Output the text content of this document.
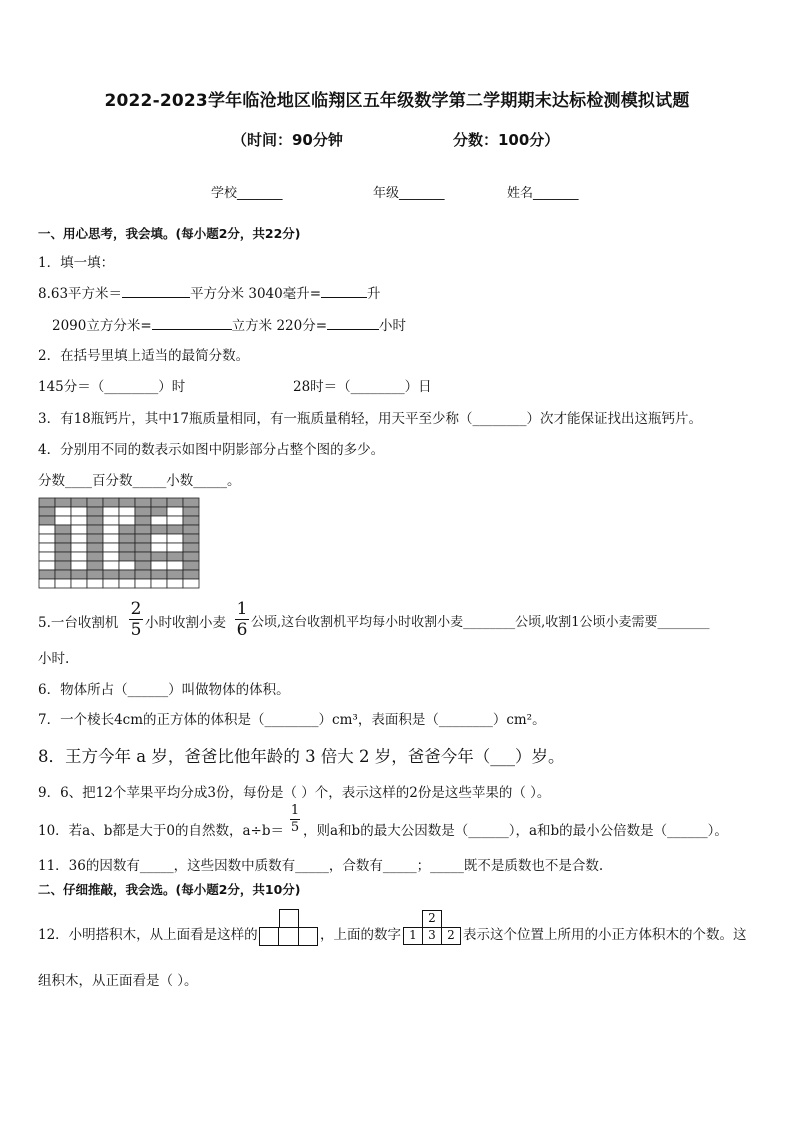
2022-2023学年临沧地区临翔区五年级数学第二学期期末达标检测模拟试题
（时间：90分钟	分数：100分）
学校_______	年级_______	姓名_______
一、用心思考，我会填。(每小题2分，共22分)
1．填一填：
8.63平方米＝	平方分米 3040毫升=	升
2090立方分米=	立方米 220分=	小时
2．在括号里填上适当的最简分数。
145分＝（________）时	28时＝（________）日
3．有18瓶钙片，其中17瓶质量相同，有一瓶质量稍轻，用天平至少称（________）次才能保证找出这瓶钙片。
4．分别用不同的数表示如图中阴影部分占整个图的多少。
分数____百分数_____小数_____。
5.一台收割机
2
5 小时收割小麦
1
6 公顷,这台收割机平均每小时收割小麦________公顷,收割1公顷小麦需要________
小时.
6．物体所占（______）叫做物体的体积。
7．一个棱长4cm的正方体的体积是（________）cm³，表面积是（________）cm²。
8．王方今年 a 岁，爸爸比他年龄的 3 倍大 2 岁，爸爸今年（___）岁。
9．6、把12个苹果平均分成3份，每份是（ ）个，表示这样的2份是这些苹果的（ ）。
10．若a、b都是大于0的自然数，a÷b＝
1
5 ，则a和b的最大公因数是（______），a和b的最小公倍数是（______）。
11．36的因数有_____，这些因数中质数有_____，合数有_____；_____既不是质数也不是合数.
二、仔细推敲，我会选。(每小题2分，共10分)
12．小明搭积木，从上面看是这样的	，上面的数字
2
1 3 2 表示这个位置上所用的小正方体积木的个数。这
组积木，从正面看是（ ）。
